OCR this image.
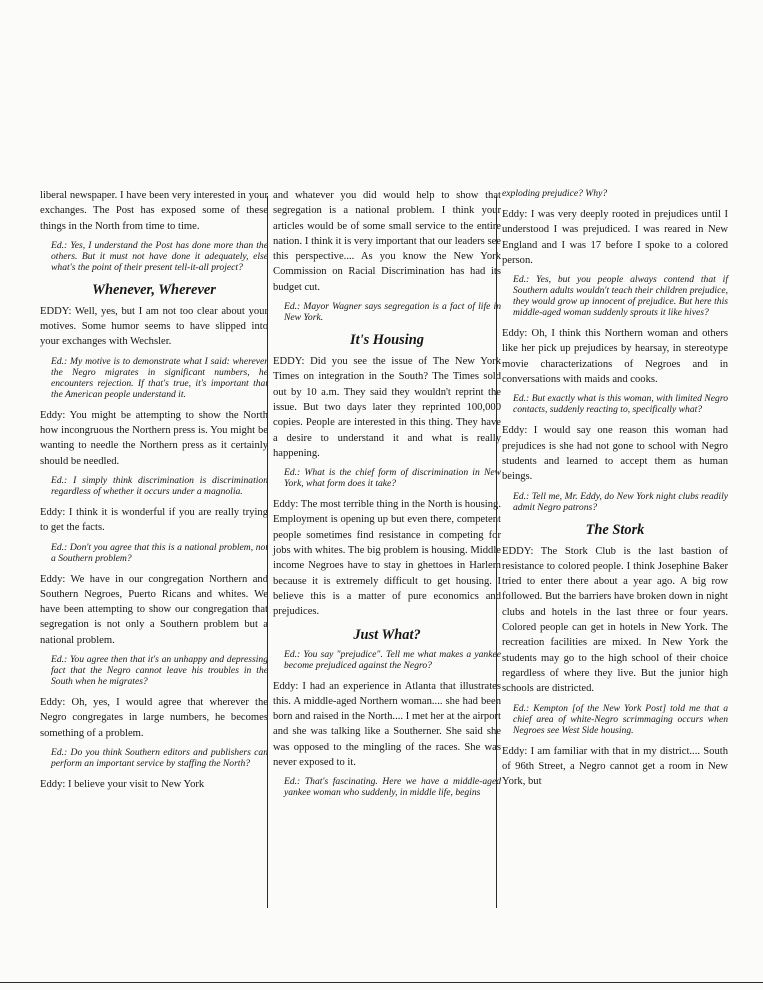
liberal newspaper. I have been very interested in your exchanges. The Post has exposed some of these things in the North from time to time.

Ed.: Yes, I understand the Post has done more than the others. But it must not have done it adequately, else what's the point of their present tell-it-all project?

Whenever, Wherever

EDDY: Well, yes, but I am not too clear about your motives. Some humor seems to have slipped into your exchanges with Wechsler.

Ed.: My motive is to demonstrate what I said: wherever the Negro migrates in significant numbers, he encounters rejection. If that's true, it's important that the American people understand it.

Eddy: You might be attempting to show the North how incongruous the Northern press is. You might be wanting to needle the Northern press as it certainly should be needled.

Ed.: I simply think discrimination is discrimination regardless of whether it occurs under a magnolia.

Eddy: I think it is wonderful if you are really trying to get the facts.

Ed.: Don't you agree that this is a national problem, not a Southern problem?

Eddy: We have in our congregation Northern and Southern Negroes, Puerto Ricans and whites. We have been attempting to show our congregation that segregation is not only a Southern problem but a national problem.

Ed.: You agree then that it's an unhappy and depressing fact that the Negro cannot leave his troubles in the South when he migrates?

Eddy: Oh, yes, I would agree that wherever the Negro congregates in large numbers, he becomes something of a problem.

Ed.: Do you think Southern editors and publishers can perform an important service by staffing the North?

Eddy: I believe your visit to New York

and whatever you did would help to show that segregation is a national problem. I think your articles would be of some small service to the entire nation. I think it is very important that our leaders see this perspective.... As you know the New York Commission on Racial Discrimination has had its budget cut.

Ed.: Mayor Wagner says segregation is a fact of life in New York.

It's Housing

EDDY: Did you see the issue of The New York Times on integration in the South? The Times sold out by 10 a.m. They said they wouldn't reprint the issue. But two days later they reprinted 100,000 copies. People are interested in this thing. They have a desire to understand it and what is really happening.

Ed.: What is the chief form of discrimination in New York, what form does it take?

Eddy: The most terrible thing in the North is housing. Employment is opening up but even there, competent people sometimes find resistance in competing for jobs with whites. The big problem is housing. Middle income Negroes have to stay in ghettoes in Harlem because it is extremely difficult to get housing. I believe this is a matter of pure economics and prejudices.

Just What?

Ed.: You say "prejudice". Tell me what makes a yankee become prejudiced against the Negro?

Eddy: I had an experience in Atlanta that illustrates this. A middle-aged Northern woman.... she had been born and raised in the North.... I met her at the airport and she was talking like a Southerner. She said she was opposed to the mingling of the races. She was never exposed to it.

Ed.: That's fascinating. Here we have a middle-aged yankee woman who suddenly, in middle life, begins

exploding prejudice? Why?

Eddy: I was very deeply rooted in prejudices until I understood I was prejudiced. I was reared in New England and I was 17 before I spoke to a colored person.

Ed.: Yes, but you people always contend that if Southern adults wouldn't teach their children prejudice, they would grow up innocent of prejudice. But here this middle-aged woman suddenly sprouts it like hives?

Eddy: Oh, I think this Northern woman and others like her pick up prejudices by hearsay, in stereotype movie characterizations of Negroes and in conversations with maids and cooks.

Ed.: But exactly what is this woman, with limited Negro contacts, suddenly reacting to, specifically what?

Eddy: I would say one reason this woman had prejudices is she had not gone to school with Negro students and learned to accept them as human beings.

Ed.: Tell me, Mr. Eddy, do New York night clubs readily admit Negro patrons?

The Stork

EDDY: The Stork Club is the last bastion of resistance to colored people. I think Josephine Baker tried to enter there about a year ago. A big row followed. But the barriers have broken down in night clubs and hotels in the last three or four years. Colored people can get in hotels in New York. The recreation facilities are mixed. In New York the students may go to the high school of their choice regardless of where they live. But the junior high schools are districted.

Ed.: Kempton [of the New York Post] told me that a chief area of white-Negro scrimmaging occurs when Negroes see West Side housing.

Eddy: I am familiar with that in my district.... South of 96th Street, a Negro cannot get a room in New York, but
